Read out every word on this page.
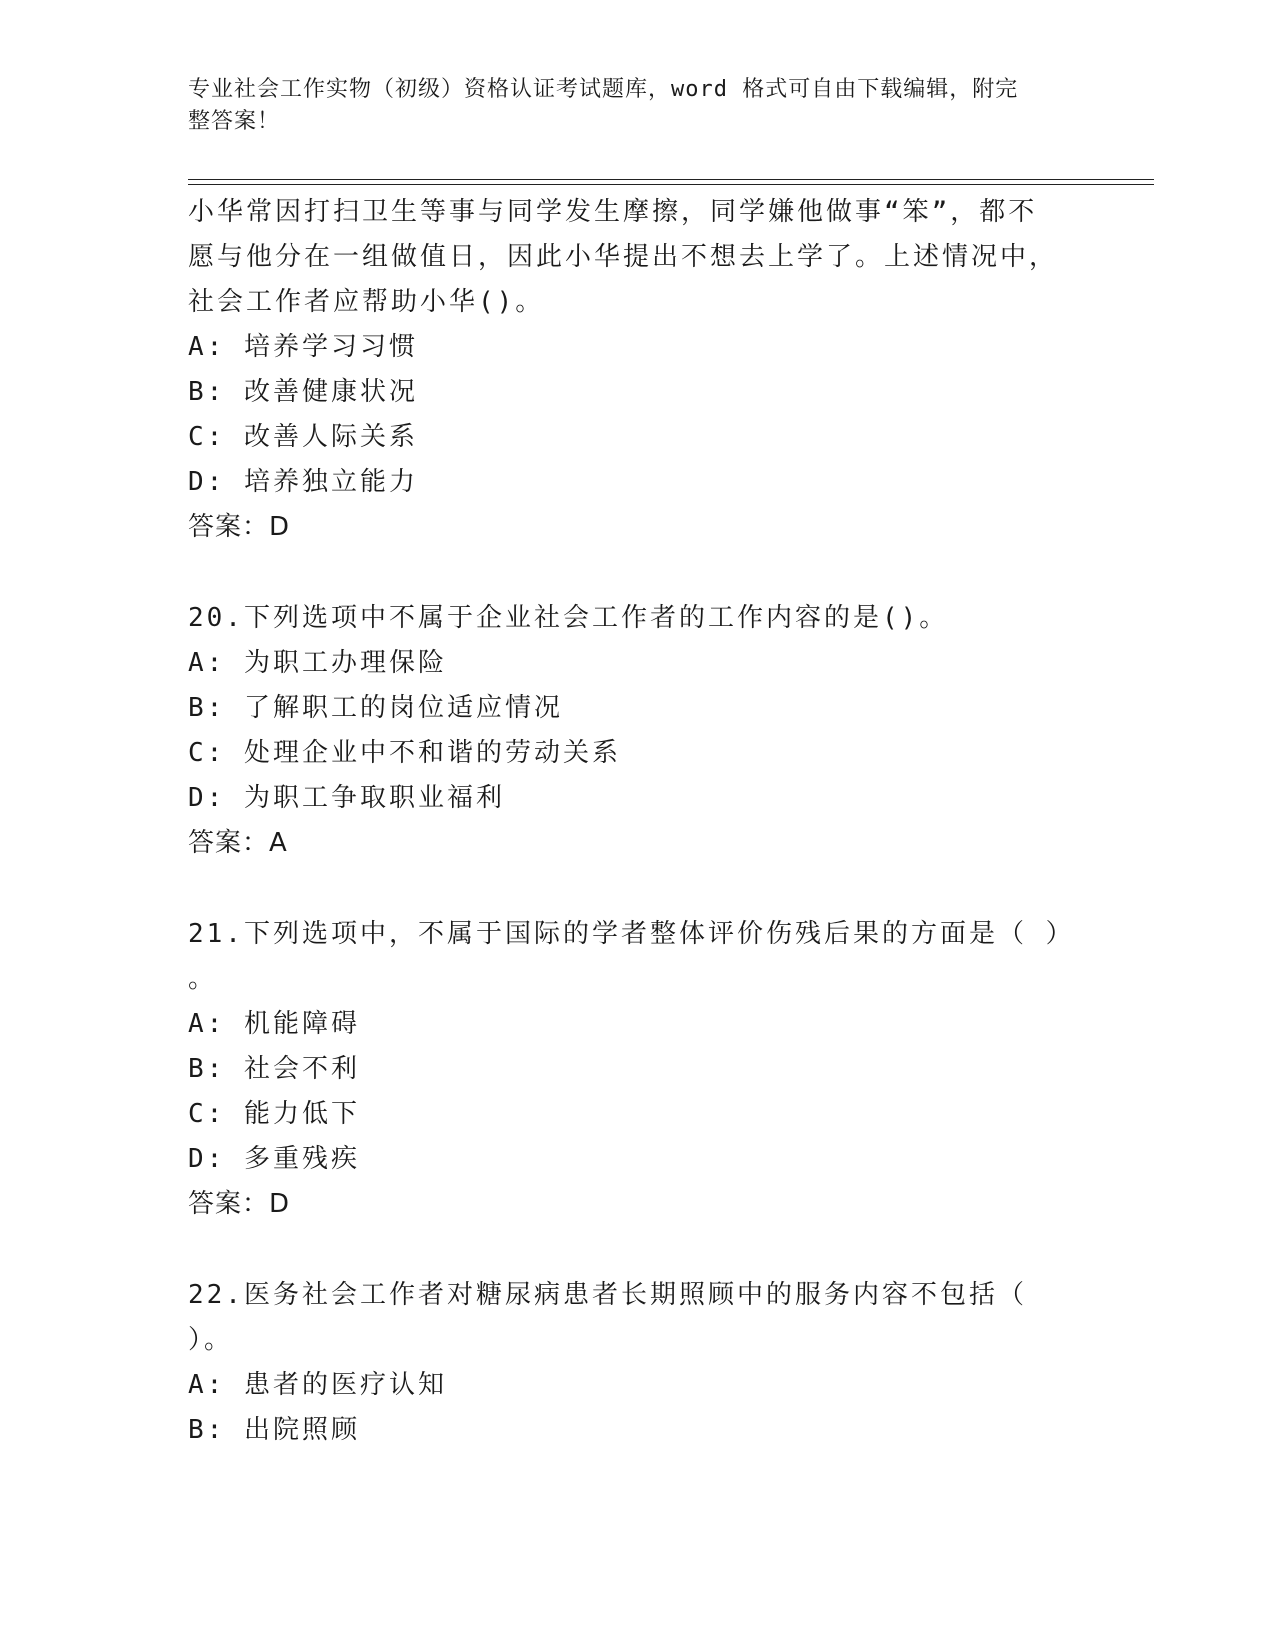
专业社会工作实物（初级）资格认证考试题库，word 格式可自由下载编辑，附完
整答案！
小华常因打扫卫生等事与同学发生摩擦，同学嫌他做事“笨”，都不
愿与他分在一组做值日，因此小华提出不想去上学了。上述情况中，
社会工作者应帮助小华()。
A: 培养学习习惯
B: 改善健康状况
C: 改善人际关系
D: 培养独立能力
答案：D
20.下列选项中不属于企业社会工作者的工作内容的是()。
A: 为职工办理保险
B: 了解职工的岗位适应情况
C: 处理企业中不和谐的劳动关系
D: 为职工争取职业福利
答案：A
21.下列选项中，不属于国际的学者整体评价伤残后果的方面是（ ）
。
A: 机能障碍
B: 社会不利
C: 能力低下
D: 多重残疾
答案：D
22.医务社会工作者对糖尿病患者长期照顾中的服务内容不包括（
）。
A: 患者的医疗认知
B: 出院照顾
